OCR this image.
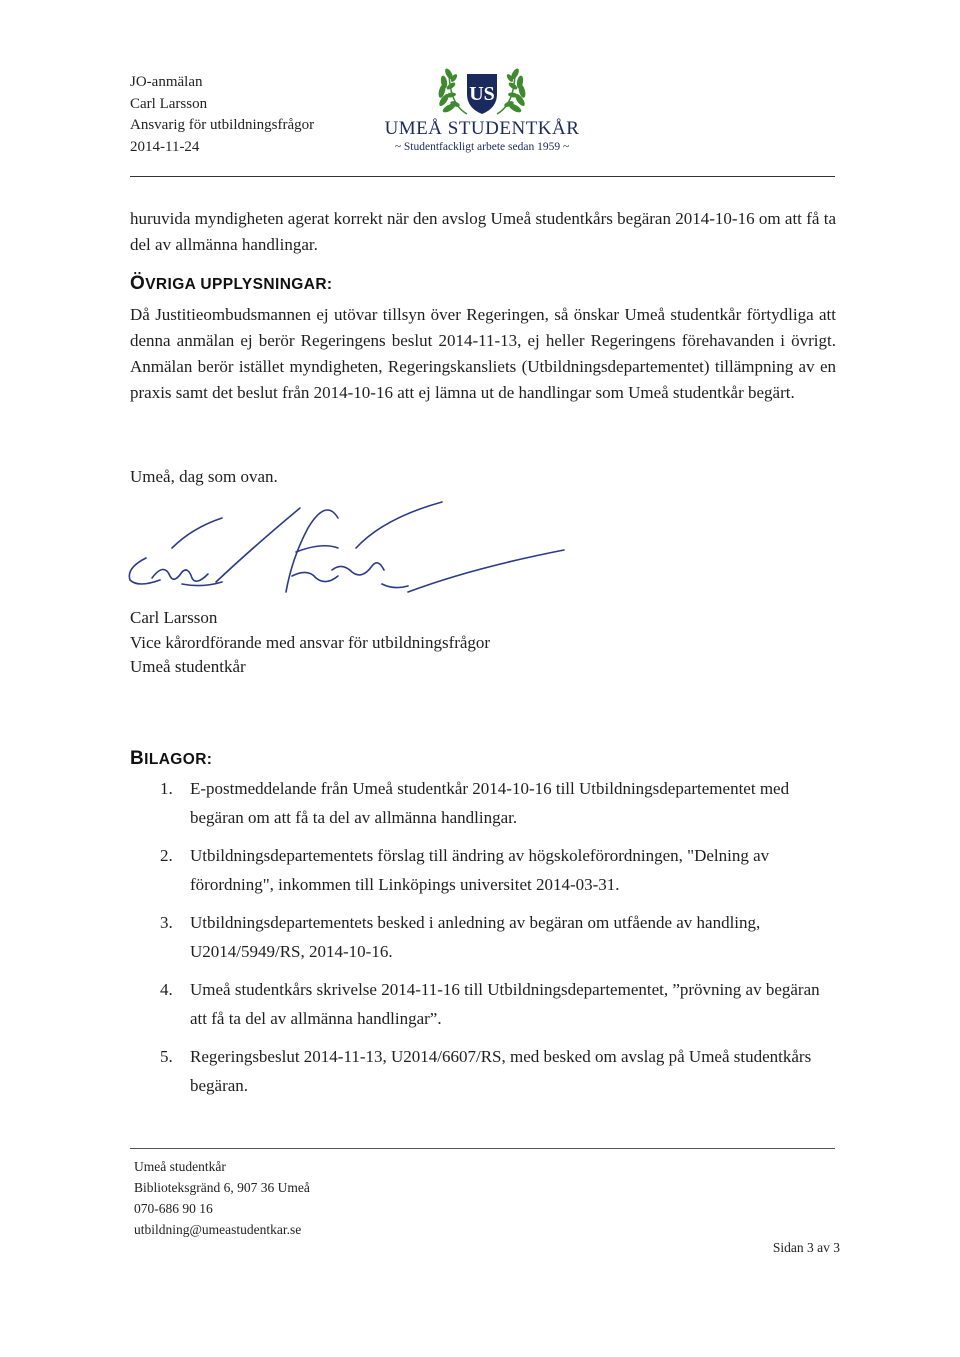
JO-anmälan
Carl Larsson
Ansvarig för utbildningsfrågor
2014-11-24
US
UMEÅ STUDENTKÅR
~ Studentfackligt arbete sedan 1959 ~
huruvida myndigheten agerat korrekt när den avslog Umeå studentkårs begäran 2014-10-16 om att få ta del av allmänna handlingar.
ÖVRIGA UPPLYSNINGAR:
Då Justitieombudsmannen ej utövar tillsyn över Regeringen, så önskar Umeå studentkår förtydliga att denna anmälan ej berör Regeringens beslut 2014-11-13, ej heller Regeringens förehavanden i övrigt. Anmälan berör istället myndigheten, Regeringskansliets (Utbildningsdepartementet) tillämpning av en praxis samt det beslut från 2014-10-16 att ej lämna ut de handlingar som Umeå studentkår begärt.
Umeå, dag som ovan.
Carl Larsson
Vice kårordförande med ansvar för utbildningsfrågor
Umeå studentkår
BILAGOR:
1.	E-postmeddelande från Umeå studentkår 2014-10-16 till Utbildningsdepartementet med begäran om att få ta del av allmänna handlingar.
2.	Utbildningsdepartementets förslag till ändring av högskoleförordningen, "Delning av förordning", inkommen till Linköpings universitet 2014-03-31.
3.	Utbildningsdepartementets besked i anledning av begäran om utfående av handling, U2014/5949/RS, 2014-10-16.
4.	Umeå studentkårs skrivelse 2014-11-16 till Utbildningsdepartementet, ”prövning av begäran att få ta del av allmänna handlingar”.
5.	Regeringsbeslut 2014-11-13, U2014/6607/RS, med besked om avslag på Umeå studentkårs begäran.
Umeå studentkår
Biblioteksgränd 6, 907 36 Umeå
070-686 90 16
utbildning@umeastudentkar.se
Sidan 3 av 3
